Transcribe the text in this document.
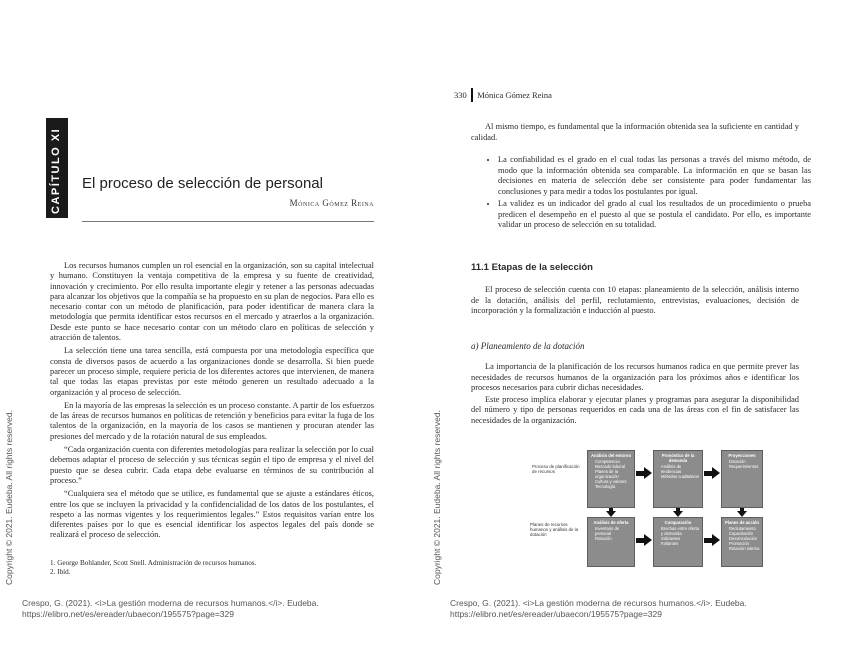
Copyright © 2021. Eudeba. All rights reserved.
CAPÍTULO XI El proceso de selección de personal
Mónica Gómez Reina

Los recursos humanos cumplen un rol esencial en la organización, son su capital intelectual y humano. Constituyen la ventaja competitiva de la empresa y su fuente de creatividad, innovación y crecimiento. Por ello resulta importante elegir y retener a las personas adecuadas para alcanzar los objetivos que la compañía se ha propuesto en su plan de negocios. Para ello es necesario contar con un método de planificación, para poder identificar de manera clara la metodología que permita identificar estos recursos en el mercado y atraerlos a la organización. Desde este punto se hace necesario contar con un método claro en políticas de selección y atracción de talentos.

La selección tiene una tarea sencilla, está compuesta por una metodología específica que consta de diversos pasos de acuerdo a las organizaciones donde se desarrolla. Si bien puede parecer un proceso simple, requiere pericia de los diferentes actores que intervienen, de manera tal que todas las etapas previstas por este método generen un resultado adecuado a la organización y al proceso de selección.

En la mayoría de las empresas la selección es un proceso constante. A partir de los esfuerzos de las áreas de recursos humanos en políticas de retención y beneficios para evitar la fuga de los talentos de la organización, en la mayoría de los casos se mantienen y procuran atender las presiones del mercado y de la rotación natural de sus empleados.

“Cada organización cuenta con diferentes metodologías para realizar la selección por lo cual debemos adaptar el proceso de selección y sus técnicas según el tipo de empresa y el nivel del puesto que se desea cubrir. Cada etapa debe evaluarse en términos de su contribución al proceso.”

“Cualquiera sea el método que se utilice, es fundamental que se ajuste a estándares éticos, entre los que se incluyen la privacidad y la confidencialidad de los datos de los postulantes, el respeto a las normas vigentes y los requerimientos legales.” Estos requisitos varían entre los diferentes países por lo que es esencial identificar los aspectos legales del país donde se realizará el proceso de selección.

1. George Bohlander, Scott Snell. Administración de recursos humanos.
2. Ibíd.
Crespo, G. (2021). <i>La gestión moderna de recursos humanos.</i>. Eudeba. https://elibro.net/es/ereader/ubaecon/195575?page=329
Copyright © 2021. Eudeba. All rights reserved.
330 Mónica Gómez Reina

Al mismo tiempo, es fundamental que la información obtenida sea la suficiente en cantidad y calidad.

• La confiabilidad es el grado en el cual todas las personas a través del mismo método, de modo que la información obtenida sea comparable. La información en que se basan las decisiones en materia de selección debe ser consistente para poder fundamentar las conclusiones y para medir a todos los postulantes por igual.
• La validez es un indicador del grado al cual los resultados de un procedimiento o prueba predicen el desempeño en el puesto al que se postula el candidato. Por ello, es importante validar un proceso de selección en su totalidad.
11.1 Etapas de la selección

El proceso de selección cuenta con 10 etapas: planeamiento de la selección, análisis interno de la dotación, análisis del perfil, reclutamiento, entrevistas, evaluaciones, decisión de incorporación y la formalización e inducción al puesto.

a) Planeamiento de la dotación

La importancia de la planificación de los recursos humanos radica en que permite prever las necesidades de recursos humanos de la organización para los próximos años e identificar los procesos necesarios para cubrir dichas necesidades.

Este proceso implica elaborar y ejecutar planes y programas para asegurar la disponibilidad del número y tipo de personas requeridos en cada una de las áreas con el fin de satisfacer las necesidades de la organización.

Proceso de planificación de recursos
Planes de recursos humanos y análisis de la dotación
Análisis del entorno
• Competencia
• Mercado laboral
• Planes de la organización
• Cultura y valores
• Tecnología
Pronóstico de la demanda
• Análisis de tendencias
• Métodos cualitativos
Proyecciones
• Dotación
• Requerimientos
Análisis de oferta
• Inventario de personal
• Rotación
Comparación
• Brechas entre oferta y demanda
• Sobrantes
• Faltantes
Planes de acción
• Reclutamiento
• Capacitación
• Desvinculación
• Promoción
• Rotación interna
Crespo, G. (2021). <i>La gestión moderna de recursos humanos.</i>. Eudeba. https://elibro.net/es/ereader/ubaecon/195575?page=329
